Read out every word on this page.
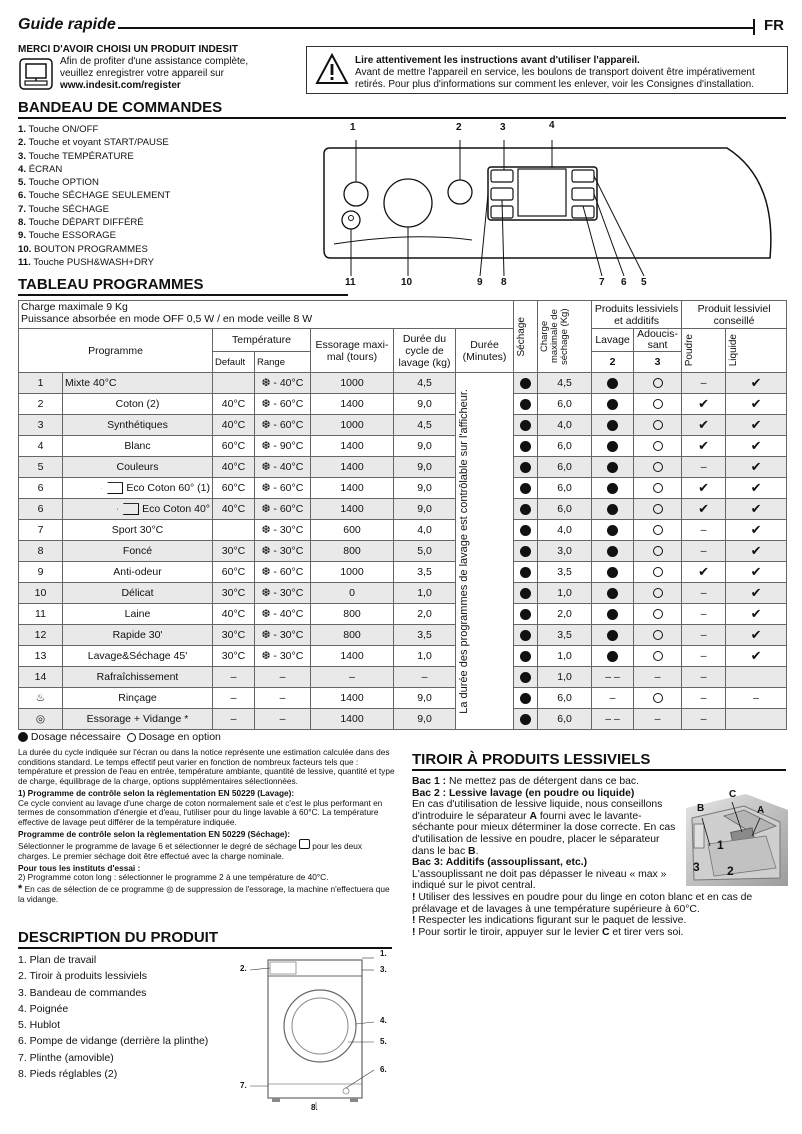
Guide rapide	FR
MERCI D'AVOIR CHOISI UN PRODUIT INDESIT
Afin de profiter d'une assistance complète,
veuillez enregistrer votre appareil sur
www.indesit.com/register
Lire attentivement les instructions avant d'utiliser l'appareil.
Avant de mettre l'appareil en service, les boulons de transport doivent être impérativement retirés. Pour plus d'informations sur comment les enlever, voir les Consignes d'installation.
BANDEAU DE COMMANDES
1. Touche ON/OFF
2. Touche et voyant START/PAUSE
3. Touche TEMPÉRATURE
4. ÉCRAN
5. Touche OPTION
6. Touche SÉCHAGE SEULEMENT
7. Touche SÉCHAGE
8. Touche DÉPART DIFFÉRÉ
9. Touche ESSORAGE
10. BOUTON PROGRAMMES
11. Touche PUSH&WASH+DRY
1	2	3	4
11	10	9 8	7 6 5
TABLEAU PROGRAMMES
Charge maximale 9 Kg
Puissance absorbée en mode OFF 0,5 W / en mode veille 8 W							Séchage	Charge maximale de séchage (Kg)	Produits lessiviels et additifs		Produit lessiviel conseillé	
Programme		Température		Essorage maxi-mal (tours)	Durée du cycle de lavage (kg)	Durée (Minutes)			Lavage	Adoucis-sant	Poudre	Liquide

		Default	Range						2	3		
1	Mixte 40°C		❆ - 40°C	1000	4,5	La durée des programmes de lavage est contrôlable sur l'afficheur.		4,5			–	✔
2	Coton (2)	40°C	❆ - 60°C	1400	9,0			6,0			✔	✔
3	Synthétiques	40°C	❆ - 60°C	1000	4,5			4,0			✔	✔
4	Blanc	60°C	❆ - 90°C	1400	9,0			6,0			✔	✔
5	Couleurs	40°C	❆ - 40°C	1400	9,0			6,0			–	✔
6	Eco Coton 60° (1)	60°C	❆ - 60°C	1400	9,0			6,0			✔	✔
6	Eco Coton 40°	40°C	❆ - 60°C	1400	9,0			6,0			✔	✔
7	Sport 30°C		❆ - 30°C	600	4,0			4,0			–	✔
8	Foncé	30°C	❆ - 30°C	800	5,0			3,0			–	✔
9	Anti-odeur	60°C	❆ - 60°C	1000	3,5			3,5			✔	✔
10	Délicat	30°C	❆ - 30°C	0	1,0			1,0			–	✔
11	Laine	40°C	❆ - 40°C	800	2,0			2,0			–	✔
12	Rapide 30'	30°C	❆ - 30°C	800	3,5			3,5			–	✔
13	Lavage&Séchage 45'	30°C	❆ - 30°C	1400	1,0			1,0			–	✔
14	Rafraîchissement	–	–	–	–			1,0	– –	–	–	
♨	Rinçage	–	–	1400	9,0			6,0	–		–	–
◎	Essorage + Vidange *	–	–	1400	9,0			6,0	– –	–	–	
Dosage nécessaire Dosage en option

La durée du cycle indiquée sur l'écran ou dans la notice représente une estimation calculée dans des conditions standard. Le temps effectif peut varier en fonction de nombreux facteurs tels que : température et pression de l'eau en entrée, température ambiante, quantité de lessive, quantité et type de charge, équilibrage de la charge, options supplémentaires sélectionnées.

1) Programme de contrôle selon la règlementation EN 50229 (Lavage):

Ce cycle convient au lavage d'une charge de coton normalement sale et c'est le plus performant en termes de consommation d'énergie et d'eau, l'utiliser pour du linge lavable à 60°C. La température effective de lavage peut différer de la température indiquée.

Programme de contrôle selon la règlementation EN 50229 (Séchage):

Sélectionner le programme de lavage 6 et sélectionner le degré de séchage pour les deux charges. Le premier séchage doit être effectué avec la charge nominale.

Pour tous les instituts d'essai :

2) Programme coton long : sélectionner le programme 2 à une température de 40°C.

* En cas de sélection de ce programme ◎ de suppression de l'essorage, la machine n'effectuera que la vidange.

TIROIR À PRODUITS LESSIVIELS

Bac 1 : Ne mettez pas de détergent dans ce bac.

Bac 2 : Lessive lavage (en poudre ou liquide)

En cas d'utilisation de lessive liquide, nous conseillons d'introduire le séparateur A fourni avec le lavante-séchante pour mieux déterminer la dose correcte. En cas d'utilisation de lessive en poudre, placer le séparateur dans le bac B.

Bac 3: Additifs (assouplissant, etc.)

L'assouplissant ne doit pas dépasser le niveau « max » indiqué sur le pivot central.

! Utiliser des lessives en poudre pour du linge en coton blanc et en cas de prélavage et de lavages à une température supérieure à 60°C.

! Respecter les indications figurant sur le paquet de lessive.

! Pour sortir le tiroir, appuyer sur le levier C et tirer vers soi.

B
C
A
1
3 2
DESCRIPTION DU PRODUIT
1. Plan de travail
2. Tiroir à produits lessiviels
3. Bandeau de commandes
4. Poignée
5. Hublot
6. Pompe de vidange (derrière la plinthe)
7. Plinthe (amovible)
8. Pieds réglables (2)
1.
2.	3.
4.
5.
6.
7.
8.
